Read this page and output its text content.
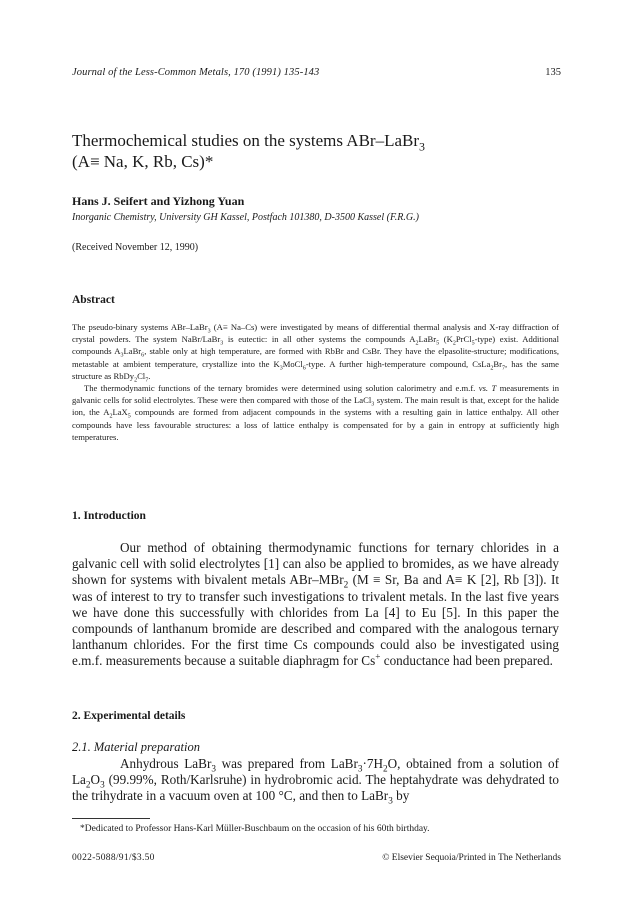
Journal of the Less-Common Metals, 170 (1991) 135-143	135
Thermochemical studies on the systems ABr–LaBr$_3$
(A≡ Na, K, Rb, Cs)*
Hans J. Seifert and Yizhong Yuan
Inorganic Chemistry, University GH Kassel, Postfach 101380, D-3500 Kassel (F.R.G.)
(Received November 12, 1990)
Abstract

The pseudo-binary systems ABr–LaBr$_3$ (A≡ Na–Cs) were investigated by means of differential thermal analysis and X-ray diffraction of crystal powders. The system NaBr/LaBr$_3$ is eutectic: in all other systems the compounds $A_2LaBr_5$ $(K_2PrCl_5-type)$ exist. Additional compounds $A_3LaBr_6$, stable only at high temperature, are formed with RbBr and CsBr. They have the elpasolite-structure; modifications, metastable at ambient temperature, crystallize into the $K_3MoCl_6$-type. A further high-temperature compound, $CsLa_2Br_7$, has the same structure as $RbDy_2Cl_7$.

The thermodynamic functions of the ternary bromides were determined using solution calorimetry and e.m.f. vs. T measurements in galvanic cells for solid electrolytes. These were then compared with those of the LaCl$_3$ system. The main result is that, except for the halide ion, the $A_2LaX_5$ compounds are formed from adjacent compounds in the systems with a resulting gain in lattice enthalpy. All other compounds have less favourable structures: a loss of lattice enthalpy is compensated for by a gain in entropy at sufficiently high temperatures.

1. Introduction

Our method of obtaining thermodynamic functions for ternary chlorides in a galvanic cell with solid electrolytes [1] can also be applied to bromides, as we have already shown for systems with bivalent metals ABr–MBr$_2$ (M ≡ Sr, Ba and A≡ K [2], Rb [3]). It was of interest to try to transfer such investigations to trivalent metals. In the last five years we have done this successfully with chlorides from La [4] to Eu [5]. In this paper the compounds of lanthanum bromide are described and compared with the analogous ternary lanthanum chlorides. For the first time Cs compounds could also be investigated using e.m.f. measurements because a suitable diaphragm for Cs+ conductance had been prepared.

2. Experimental details
2.1. Material preparation

Anhydrous LaBr$_3$ was prepared from $LaBr_3\cdot 7H_2O$, obtained from a solution of $La_2O_3$ (99.99%, Roth/Karlsruhe) in hydrobromic acid. The heptahydrate was dehydrated to the trihydrate in a vacuum oven at 100 °C, and then to LaBr$_3$ by

*Dedicated to Professor Hans-Karl Müller-Buschbaum on the occasion of his 60th birthday.
0022-5088/91/$3.50	© Elsevier Sequoia/Printed in The Netherlands
